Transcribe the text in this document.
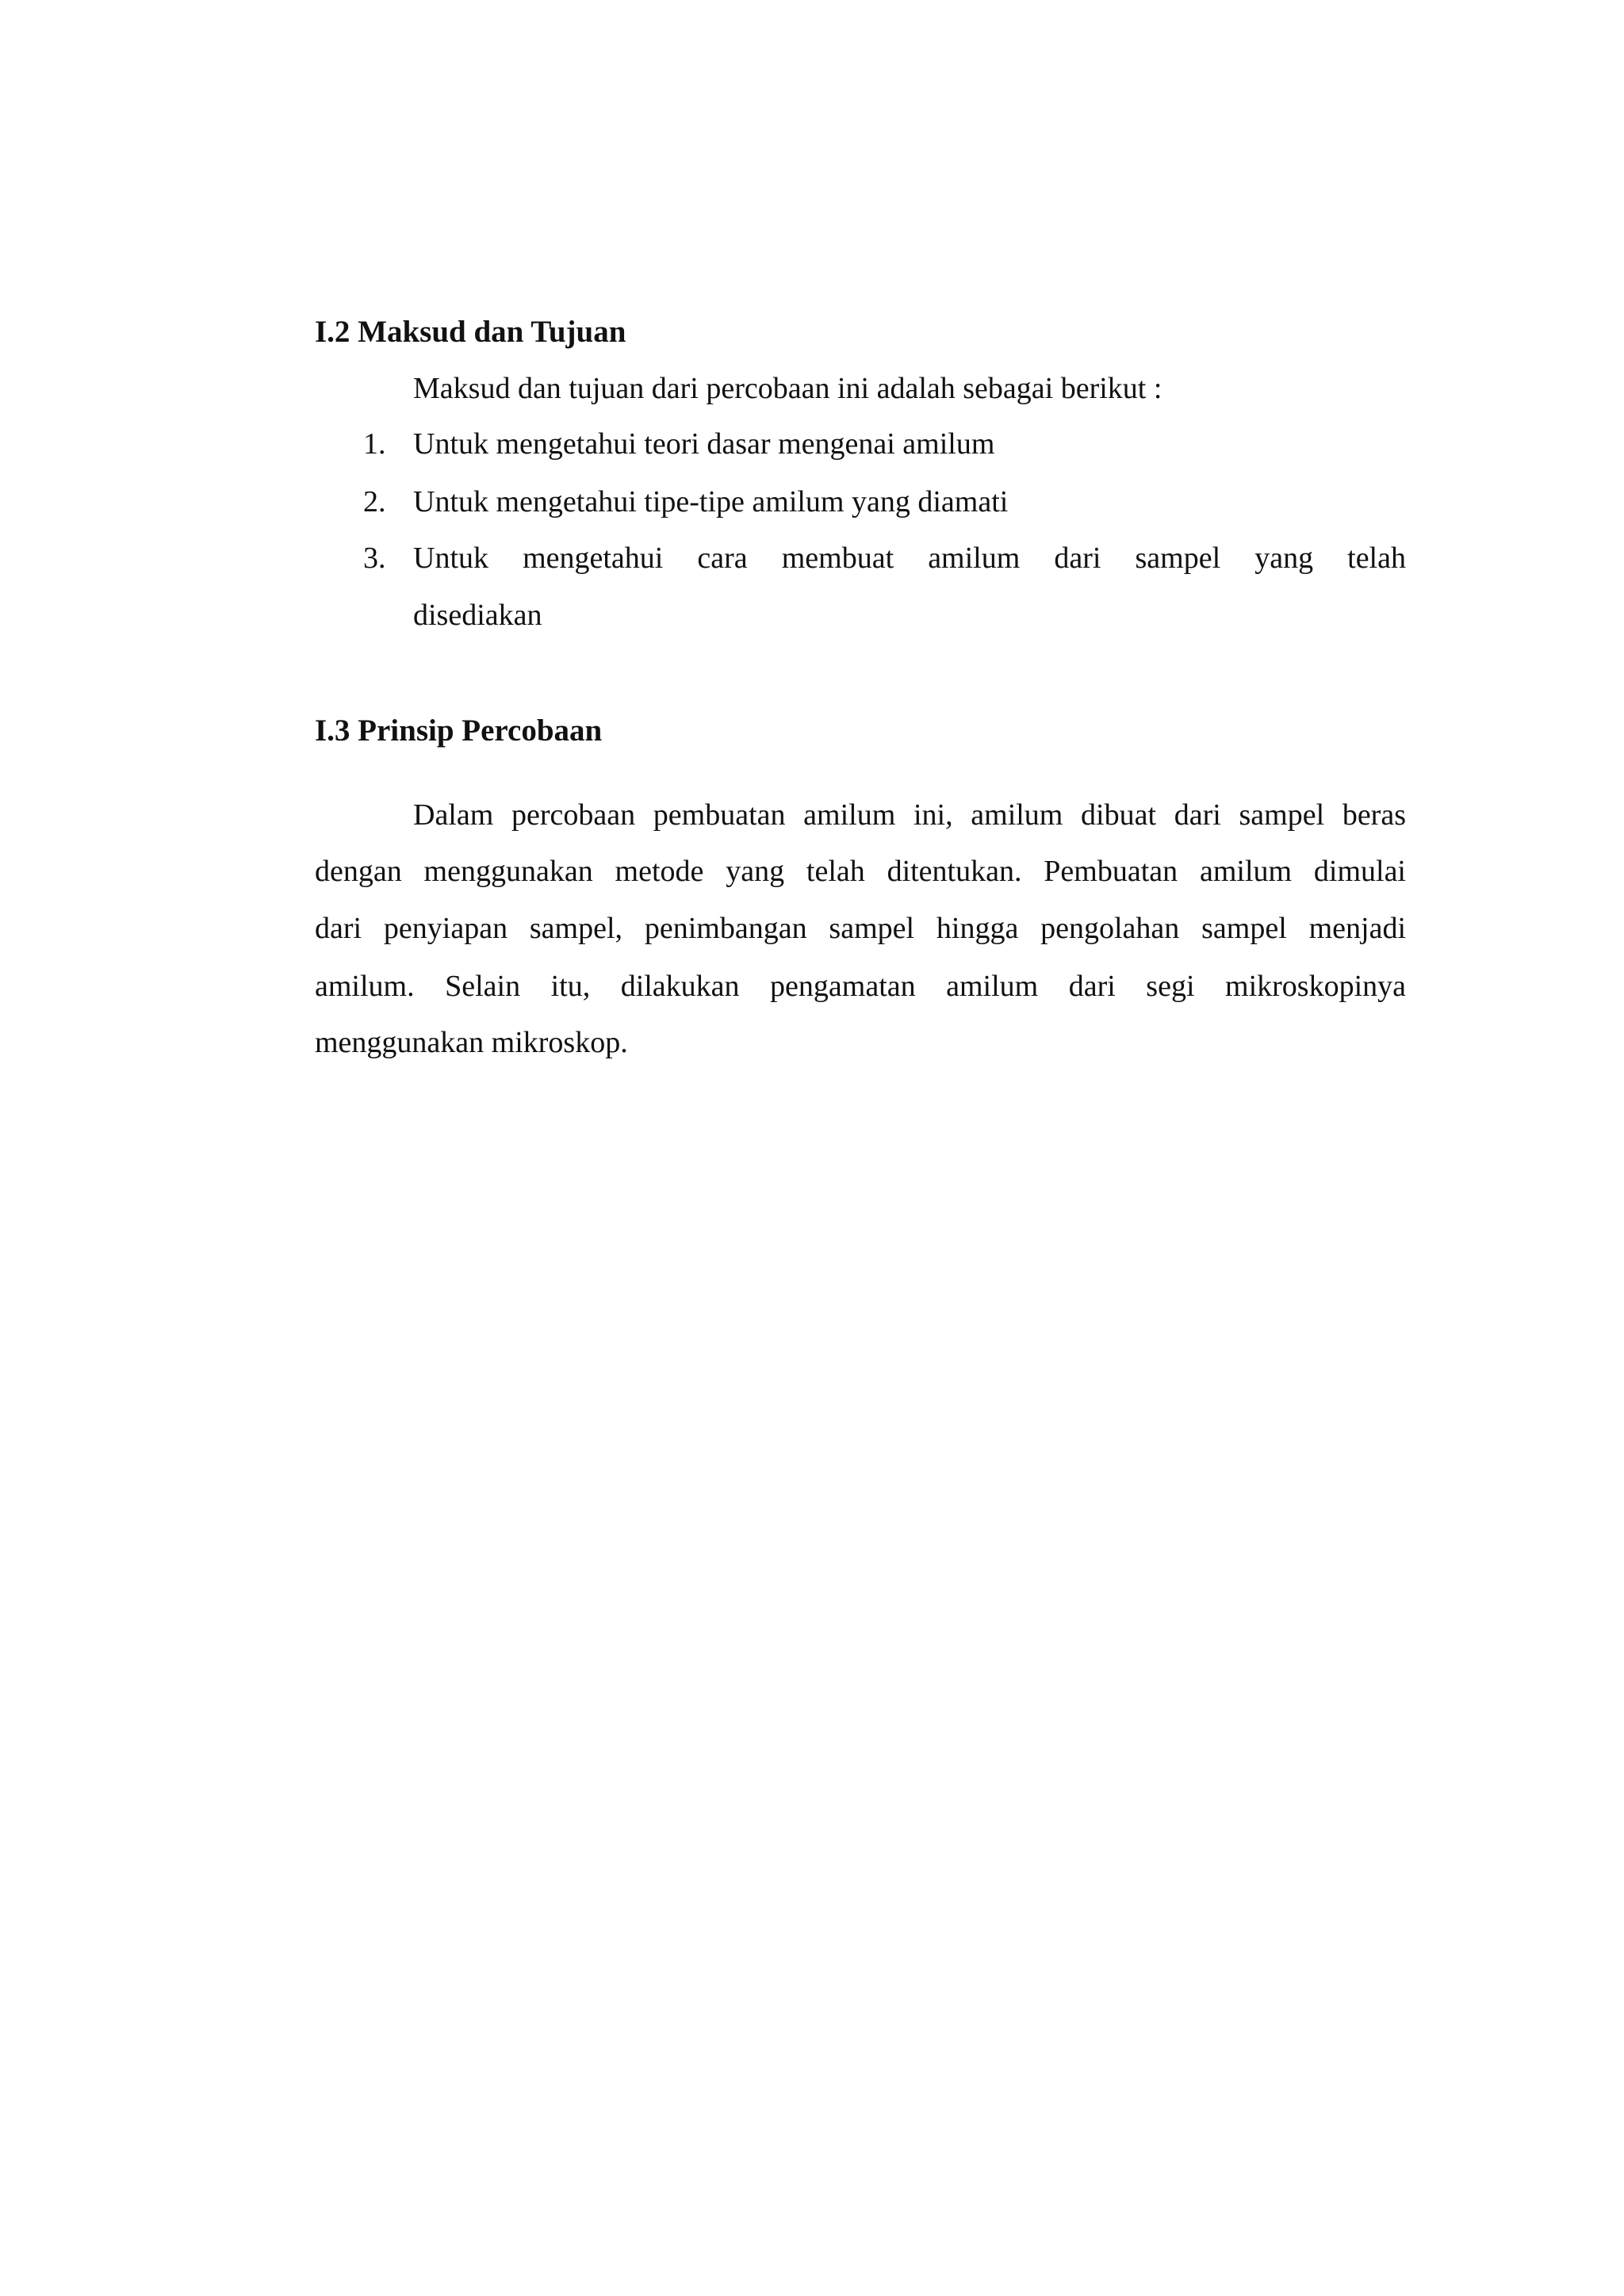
I.2 Maksud dan Tujuan
Maksud dan tujuan dari percobaan ini adalah sebagai berikut :
1. Untuk mengetahui teori dasar mengenai amilum
2. Untuk mengetahui tipe-tipe amilum yang diamati
3. Untuk mengetahui cara membuat amilum dari sampel yang telah
disediakan
I.3 Prinsip Percobaan
Dalam percobaan pembuatan amilum ini, amilum dibuat dari sampel beras
dengan menggunakan metode yang telah ditentukan. Pembuatan amilum dimulai
dari penyiapan sampel, penimbangan sampel hingga pengolahan sampel menjadi
amilum. Selain itu, dilakukan pengamatan amilum dari segi mikroskopinya
menggunakan mikroskop.
